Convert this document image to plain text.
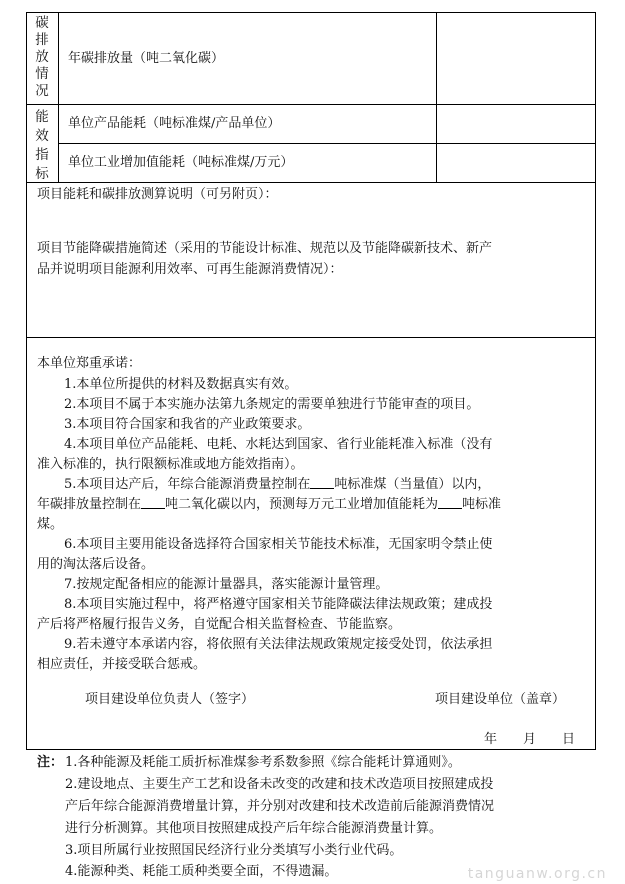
碳排放情况
年碳排放量（吨二氧化碳）
能效指标
单位产品能耗（吨标准煤/产品单位）
单位工业增加值能耗（吨标准煤/万元）
项目能耗和碳排放测算说明（可另附页）：
项目节能降碳措施简述（采用的节能设计标准、规范以及节能降碳新技术、新产
品并说明项目能源利用效率、可再生能源消费情况）：
本单位郑重承诺：
1.本单位所提供的材料及数据真实有效。
2.本项目不属于本实施办法第九条规定的需要单独进行节能审查的项目。
3.本项目符合国家和我省的产业政策要求。
4.本项目单位产品能耗、电耗、水耗达到国家、省行业能耗准入标准（没有
准入标准的，执行限额标准或地方能效指南）。
5.本项目达产后，年综合能源消费量控制在 吨标准煤（当量值）以内，
年碳排放量控制在 吨二氧化碳以内，预测每万元工业增加值能耗为 吨标准
煤。
6.本项目主要用能设备选择符合国家相关节能技术标准，无国家明令禁止使
用的淘汰落后设备。
7.按规定配备相应的能源计量器具，落实能源计量管理。
8.本项目实施过程中，将严格遵守国家相关节能降碳法律法规政策；建成投
产后将严格履行报告义务，自觉配合相关监督检查、节能监察。
9.若未遵守本承诺内容，将依照有关法律法规政策规定接受处罚，依法承担
相应责任，并接受联合惩戒。
项目建设单位负责人（签字）	项目建设单位（盖章）
年　　月　　日
注： 1.各种能源及耗能工质折标准煤参考系数参照《综合能耗计算通则》。
2.建设地点、主要生产工艺和设备未改变的改建和技术改造项目按照建成投
产后年综合能源消费增量计算，并分别对改建和技术改造前后能源消费情况
进行分析测算。其他项目按照建成投产后年综合能源消费量计算。
3.项目所属行业按照国民经济行业分类填写小类行业代码。
4.能源种类、耗能工质种类要全面，不得遗漏。	tanguanw.org.cn
